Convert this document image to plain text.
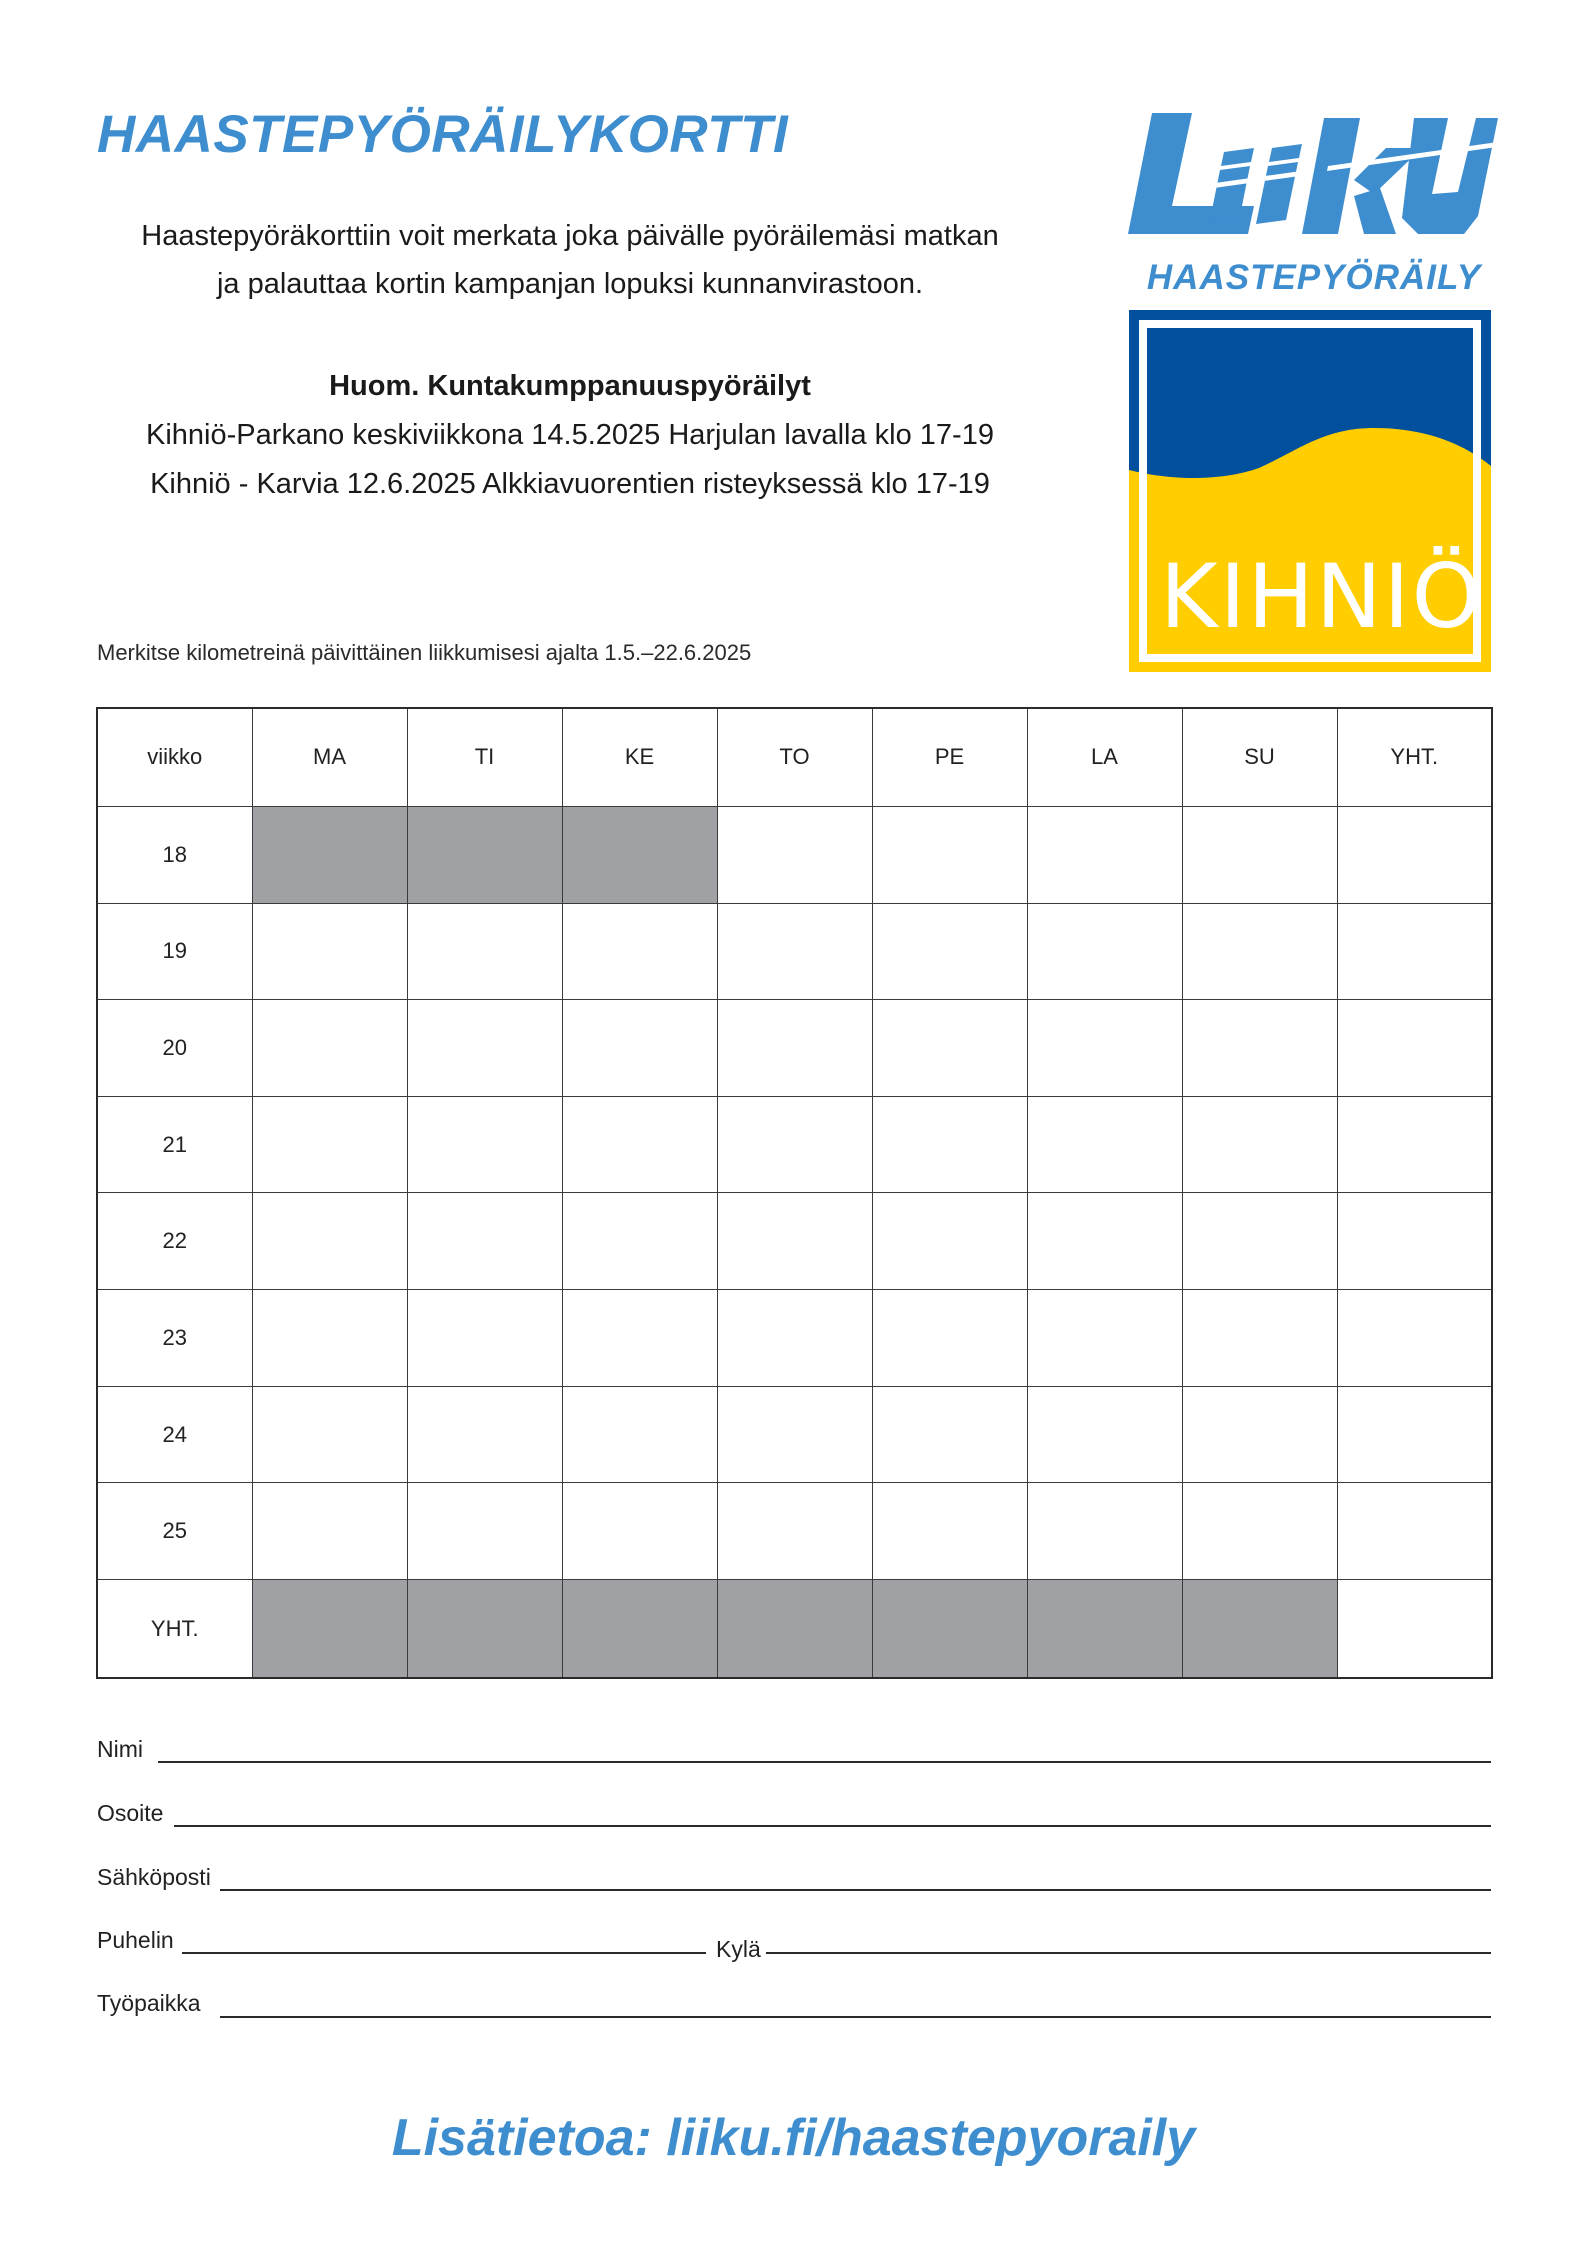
HAASTEPYÖRÄILYKORTTI
Haastepyöräkorttiin voit merkata joka päivälle pyöräilemäsi matkan
ja palauttaa kortin kampanjan lopuksi kunnanvirastoon.
Huom. Kuntakumppanuuspyöräilyt
Kihniö-Parkano keskiviikkona 14.5.2025 Harjulan lavalla klo 17-19
Kihniö - Karvia 12.6.2025 Alkkiavuorentien risteyksessä klo 17-19
Merkitse kilometreinä päivittäinen liikkumisesi ajalta 1.5.–22.6.2025
HAASTEPYÖRÄILY
KIHNIÖ
viikko	MA	TI	KE	TO	PE	LA	SU	YHT.
18								
19								
20								
21								
22								
23								
24								
25								
YHT.								
Nimi
Osoite
Sähköposti
Puhelin	Kylä
Työpaikka
Lisätietoa: liiku.fi/haastepyoraily
